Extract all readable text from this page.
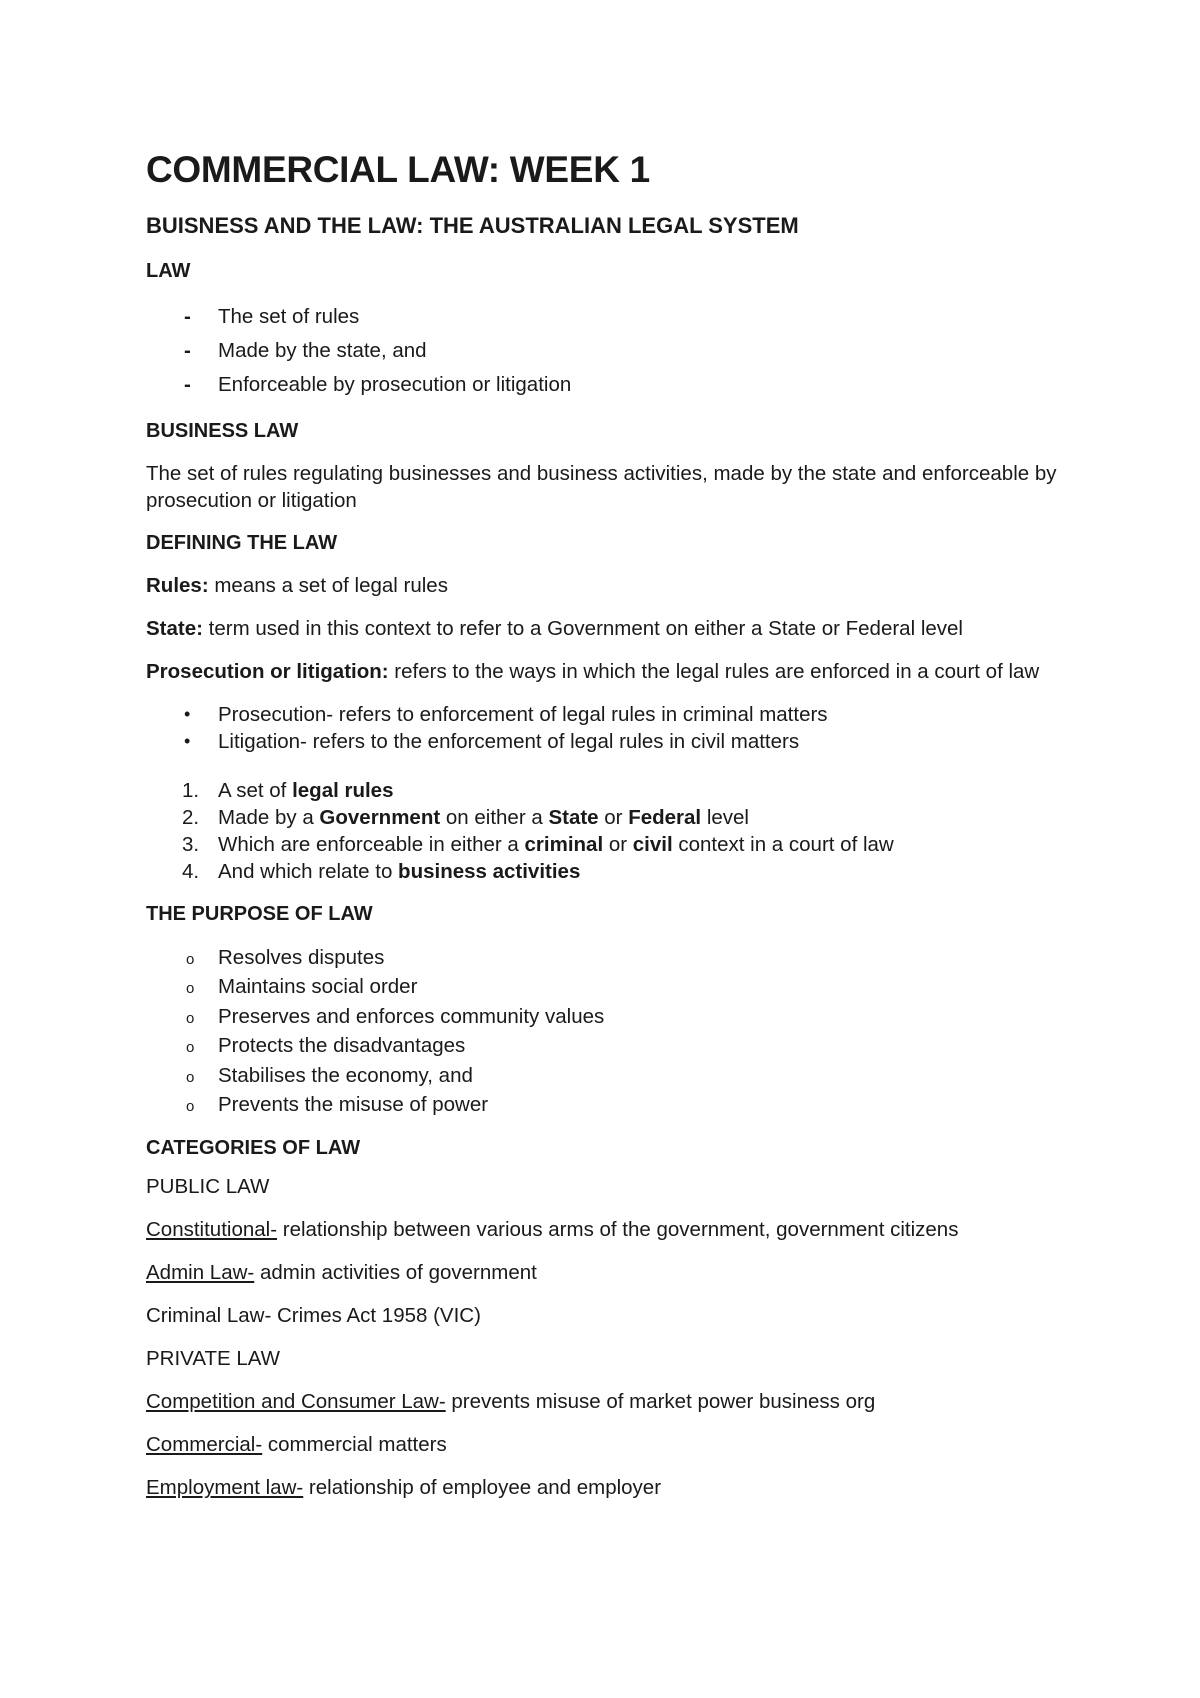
COMMERCIAL LAW: WEEK 1
BUISNESS AND THE LAW: THE AUSTRALIAN LEGAL SYSTEM
LAW
- The set of rules
- Made by the state, and
- Enforceable by prosecution or litigation
BUSINESS LAW

The set of rules regulating businesses and business activities, made by the state and enforceable by prosecution or litigation

DEFINING THE LAW

Rules: means a set of legal rules

State: term used in this context to refer to a Government on either a State or Federal level

Prosecution or litigation: refers to the ways in which the legal rules are enforced in a court of law

• Prosecution- refers to enforcement of legal rules in criminal matters
• Litigation- refers to the enforcement of legal rules in civil matters
1. A set of legal rules
2. Made by a Government on either a State or Federal level
3. Which are enforceable in either a criminal or civil context in a court of law
4. And which relate to business activities
THE PURPOSE OF LAW
o Resolves disputes
o Maintains social order
o Preserves and enforces community values
o Protects the disadvantages
o Stabilises the economy, and
o Prevents the misuse of power
CATEGORIES OF LAW

PUBLIC LAW

Constitutional- relationship between various arms of the government, government citizens

Admin Law- admin activities of government

Criminal Law- Crimes Act 1958 (VIC)

PRIVATE LAW

Competition and Consumer Law- prevents misuse of market power business org

Commercial- commercial matters

Employment law- relationship of employee and employer
